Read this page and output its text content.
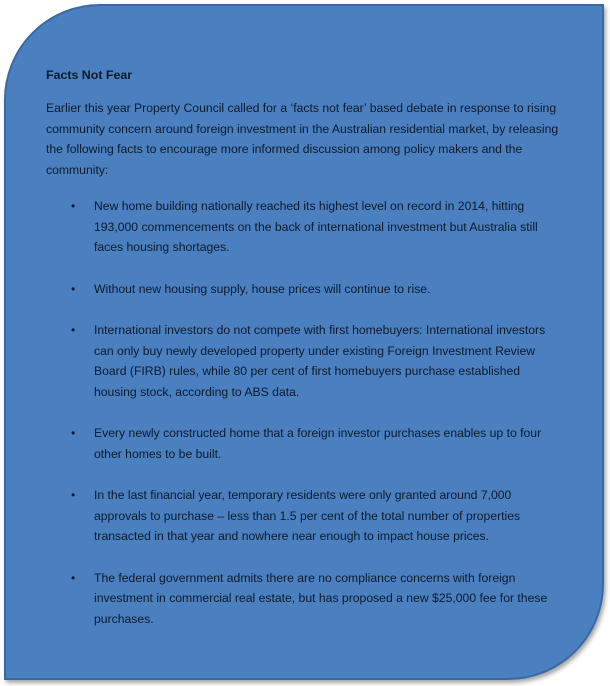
Facts Not Fear

Earlier this year Property Council called for a ‘facts not fear’ based debate in response to rising community concern around foreign investment in the Australian residential market, by releasing the following facts to encourage more informed discussion among policy makers and the community:

• New home building nationally reached its highest level on record in 2014, hitting 193,000 commencements on the back of international investment but Australia still faces housing shortages.
• Without new housing supply, house prices will continue to rise.
• International investors do not compete with first homebuyers: International investors can only buy newly developed property under existing Foreign Investment Review Board (FIRB) rules, while 80 per cent of first homebuyers purchase established housing stock, according to ABS data.
• Every newly constructed home that a foreign investor purchases enables up to four other homes to be built.
• In the last financial year, temporary residents were only granted around 7,000 approvals to purchase – less than 1.5 per cent of the total number of properties transacted in that year and nowhere near enough to impact house prices.
• The federal government admits there are no compliance concerns with foreign investment in commercial real estate, but has proposed a new $25,000 fee for these purchases.
